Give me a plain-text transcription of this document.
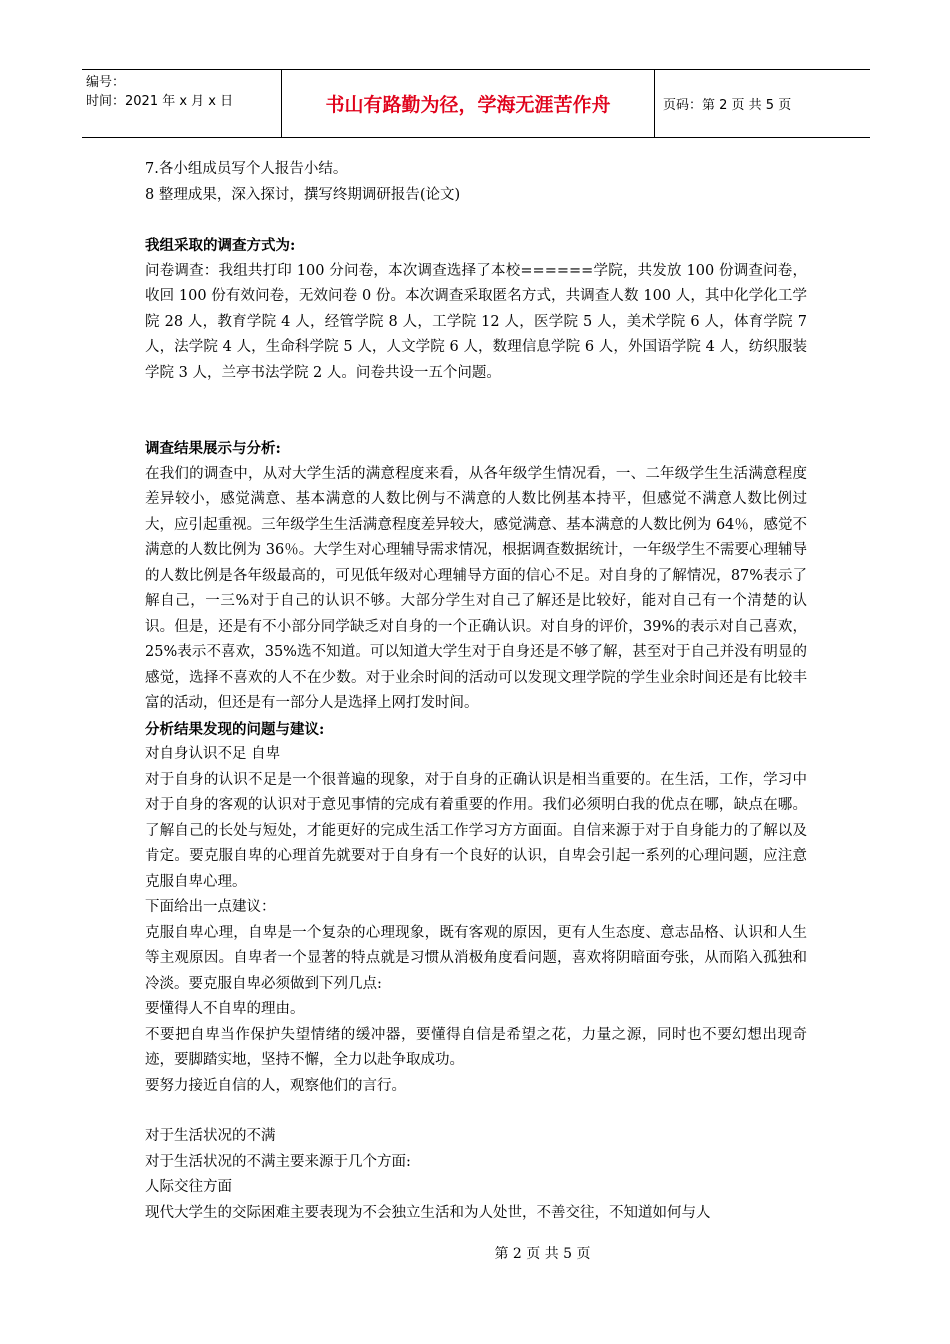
编号：
时间：2021 年 x 月 x 日	书山有路勤为径，学海无涯苦作舟	页码：第 2 页 共 5 页

7.各小组成员写个人报告小结。

8 整理成果，深入探讨，撰写终期调研报告(论文)

我组采取的调查方式为:

问卷调查：我组共打印 100 分问卷，本次调查选择了本校======学院，共发放 100 份调查问卷，收回 100 份有效问卷，无效问卷 0 份。本次调查采取匿名方式，共调查人数 100 人，其中化学化工学院 28 人，教育学院 4 人，经管学院 8 人，工学院 12 人，医学院 5 人，美术学院 6 人，体育学院 7 人，法学院 4 人，生命科学院 5 人，人文学院 6 人，数理信息学院 6 人，外国语学院 4 人，纺织服装学院 3 人，兰亭书法学院 2 人。问卷共设一五个问题。

调查结果展示与分析:

在我们的调查中，从对大学生活的满意程度来看，从各年级学生情况看，一、二年级学生生活满意程度差异较小，感觉满意、基本满意的人数比例与不满意的人数比例基本持平，但感觉不满意人数比例过大，应引起重视。三年级学生生活满意程度差异较大，感觉满意、基本满意的人数比例为 64％，感觉不满意的人数比例为 36％。大学生对心理辅导需求情况，根据调查数据统计，一年级学生不需要心理辅导的人数比例是各年级最高的，可见低年级对心理辅导方面的信心不足。对自身的了解情况，87%表示了解自己，一三%对于自己的认识不够。大部分学生对自己了解还是比较好，能对自己有一个清楚的认识。但是，还是有不小部分同学缺乏对自身的一个正确认识。对自身的评价，39%的表示对自己喜欢，25%表示不喜欢，35%选不知道。可以知道大学生对于自身还是不够了解，甚至对于自己并没有明显的感觉，选择不喜欢的人不在少数。对于业余时间的活动可以发现文理学院的学生业余时间还是有比较丰富的活动，但还是有一部分人是选择上网打发时间。

分析结果发现的问题与建议:

对自身认识不足 自卑

对于自身的认识不足是一个很普遍的现象，对于自身的正确认识是相当重要的。在生活，工作，学习中对于自身的客观的认识对于意见事情的完成有着重要的作用。我们必须明白我的优点在哪，缺点在哪。了解自己的长处与短处，才能更好的完成生活工作学习方方面面。自信来源于对于自身能力的了解以及肯定。要克服自卑的心理首先就要对于自身有一个良好的认识，自卑会引起一系列的心理问题，应注意克服自卑心理。

下面给出一点建议：

克服自卑心理，自卑是一个复杂的心理现象，既有客观的原因，更有人生态度、意志品格、认识和人生等主观原因。自卑者一个显著的特点就是习惯从消极角度看问题，喜欢将阴暗面夸张，从而陷入孤独和冷淡。要克服自卑必须做到下列几点:

要懂得人不自卑的理由。

不要把自卑当作保护失望情绪的缓冲器，要懂得自信是希望之花，力量之源，同时也不要幻想出现奇迹，要脚踏实地，坚持不懈，全力以赴争取成功。

要努力接近自信的人，观察他们的言行。

对于生活状况的不满

对于生活状况的不满主要来源于几个方面:

人际交往方面

现代大学生的交际困难主要表现为不会独立生活和为人处世，不善交往，不知道如何与人

第 2 页 共 5 页
